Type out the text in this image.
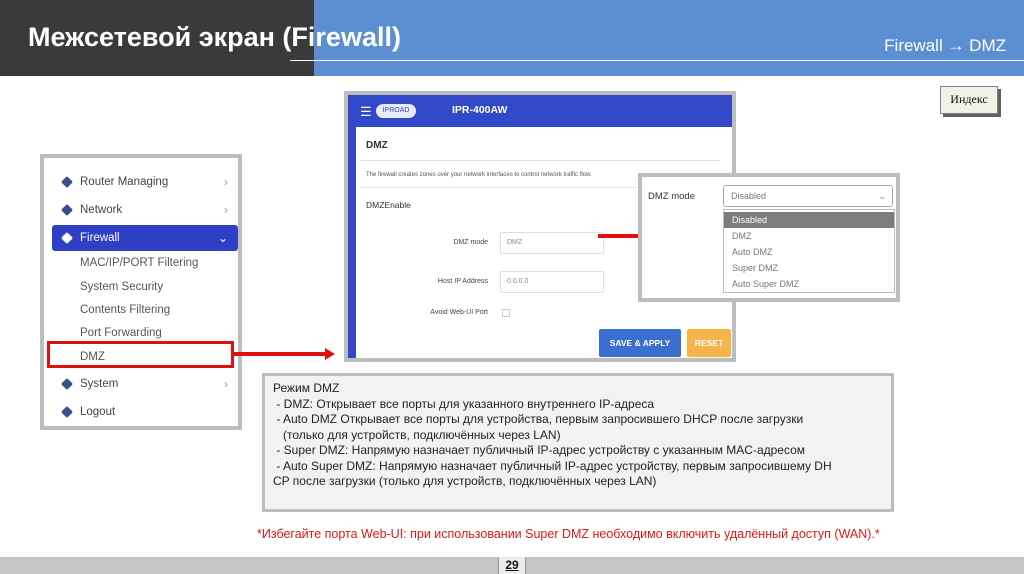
Межсетевой экран (Firewall)	Firewall → DMZ
Индекс
Router Managing	›
Network	›
Firewall	⌄
MAC/IP/PORT Filtering
System Security
Contents Filtering
Port Forwarding
DMZ
System	›
Logout
☰	IPROAD	IPR-400AW
DMZ
The firewall creates zones over your network interfaces to control network traffic flow.
DMZEnable
DMZ mode	DMZ
Host IP Address	0.0.0.0
Avoid Web-UI Port
SAVE & APPLY	RESET
DMZ mode	Disabled	⌄
Disabled
DMZ
Auto DMZ
Super DMZ
Auto Super DMZ
Режим DMZ
- DMZ: Открывает все порты для указанного внутреннего IP-адреса
- Auto DMZ Открывает все порты для устройства, первым запросившего DHCP после загрузки
(только для устройств, подключённых через LAN)
- Super DMZ: Напрямую назначает публичный IP-адрес устройству с указанным MAC-адресом
- Auto Super DMZ: Напрямую назначает публичный IP-адрес устройству, первым запросившему DH
CP после загрузки (только для устройств, подключённых через LAN)
*Избегайте порта Web-UI: при использовании Super DMZ необходимо включить удалённый доступ (WAN).*
29
